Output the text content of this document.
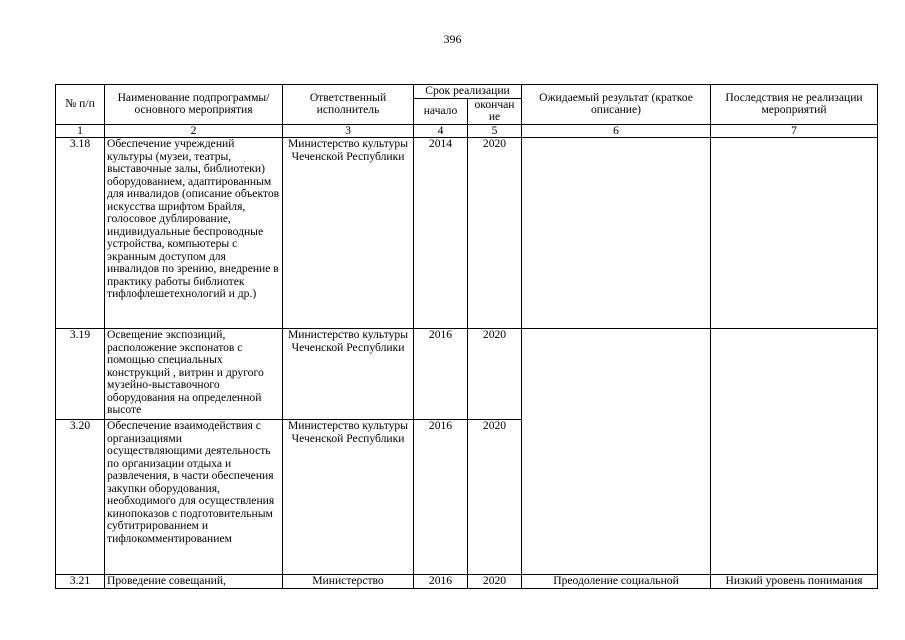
396
№ п/п	Наименование подпрограммы/ основного мероприятия	Ответственный исполнитель	Срок реализации		Ожидаемый результат (краткое описание)	Последствия не реализации мероприятий
			начало	окончан ие		
1	2	3	4	5	6	7
3.18	Обеспечение учреждений культуры (музеи, театры, выставочные залы, библиотеки) оборудованием, адаптированным для инвалидов (описание объектов искусства шрифтом Брайля, голосовое дублирование, индивидуальные беспроводные устройства, компьютеры с экранным доступом для инвалидов по зрению, внедрение в практику работы библиотек тифлофлешетехнологий и др.)	Министерство культуры Чеченской Республики	2014	2020		
3.19	Освещение экспозиций, расположение экспонатов с помощью специальных конструкций , витрин и другого музейно-выставочного оборудования на определенной высоте	Министерство культуры Чеченской Республики	2016	2020		
3.20	Обеспечение взаимодействия с организациями осуществляющими деятельность по организации отдыха и развлечения, в части обеспечения закупки оборудования, необходимого для осуществления кинопоказов с подготовительным субтитрированием и тифлокомментированием	Министерство культуры Чеченской Республики	2016	2020		
3.21	Проведение совещаний,	Министерство	2016	2020	Преодоление социальной	Низкий уровень понимания
